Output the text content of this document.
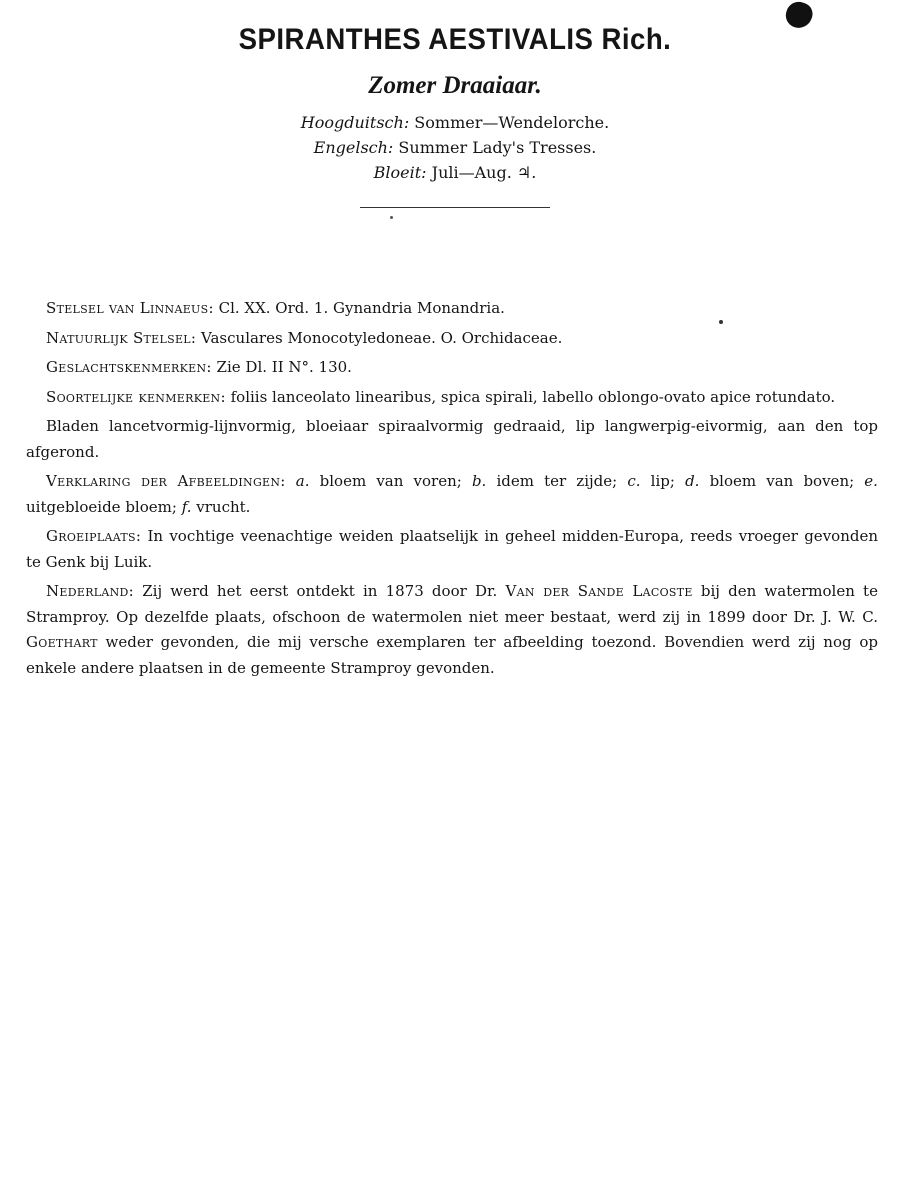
SPIRANTHES AESTIVALIS Rich.
Zomer Draaiaar.
Hoogduitsch: Sommer—Wendelorche.
Engelsch: Summer Lady's Tresses.
Bloeit: Juli—Aug. ♃.

Stelsel van Linnaeus: Cl. XX. Ord. 1. Gynandria Monandria.

Natuurlijk Stelsel: Vasculares Monocotyledoneae. O. Orchidaceae.

Geslachtskenmerken: Zie Dl. II N°. 130.

Soortelijke kenmerken: foliis lanceolato linearibus, spica spirali, labello oblongo-ovato apice rotundato.

Bladen lancetvormig-lijnvormig, bloeiaar spiraalvormig gedraaid, lip langwerpig-eivormig, aan den top afgerond.

Verklaring der Afbeeldingen: a. bloem van voren; b. idem ter zijde; c. lip; d. bloem van boven; e. uitgebloeide bloem; f. vrucht.

Groeiplaats: In vochtige veenachtige weiden plaatselijk in geheel midden-Europa, reeds vroeger gevonden te Genk bij Luik.

Nederland: Zij werd het eerst ontdekt in 1873 door Dr. Van der Sande Lacoste bij den watermolen te Stramproy. Op dezelfde plaats, ofschoon de watermolen niet meer bestaat, werd zij in 1899 door Dr. J. W. C. Goethart weder gevonden, die mij versche exemplaren ter afbeelding toezond. Bovendien werd zij nog op enkele andere plaatsen in de gemeente Stramproy gevonden.
